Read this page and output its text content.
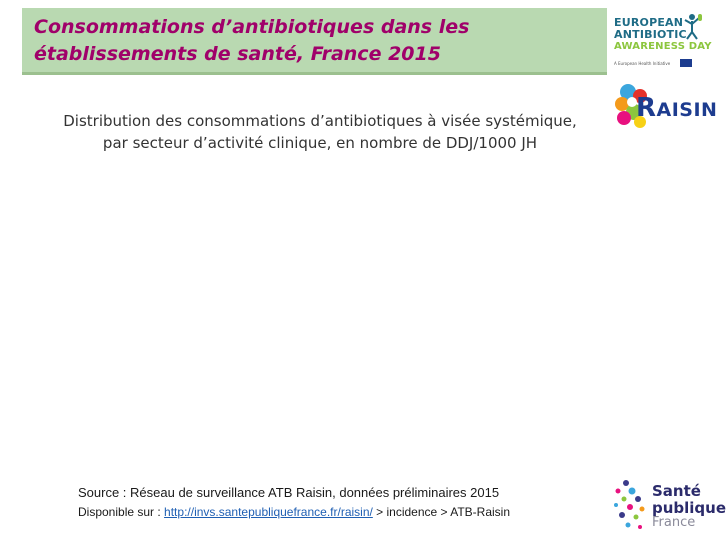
Consommations d’antibiotiques dans les
établissements de santé, France 2015
EUROPEAN
ANTIBIOTIC
AWARENESS DAY
A European Health Initiative
RAISIN
Distribution des consommations d’antibiotiques à visée systémique,

par secteur d’activité clinique, en nombre de DDJ/1000 JH
Source : Réseau de surveillance ATB Raisin, données préliminaires 2015
Disponible sur : http://invs.santepubliquefrance.fr/raisin/ > incidence > ATB-Raisin
Santé
publique
France
